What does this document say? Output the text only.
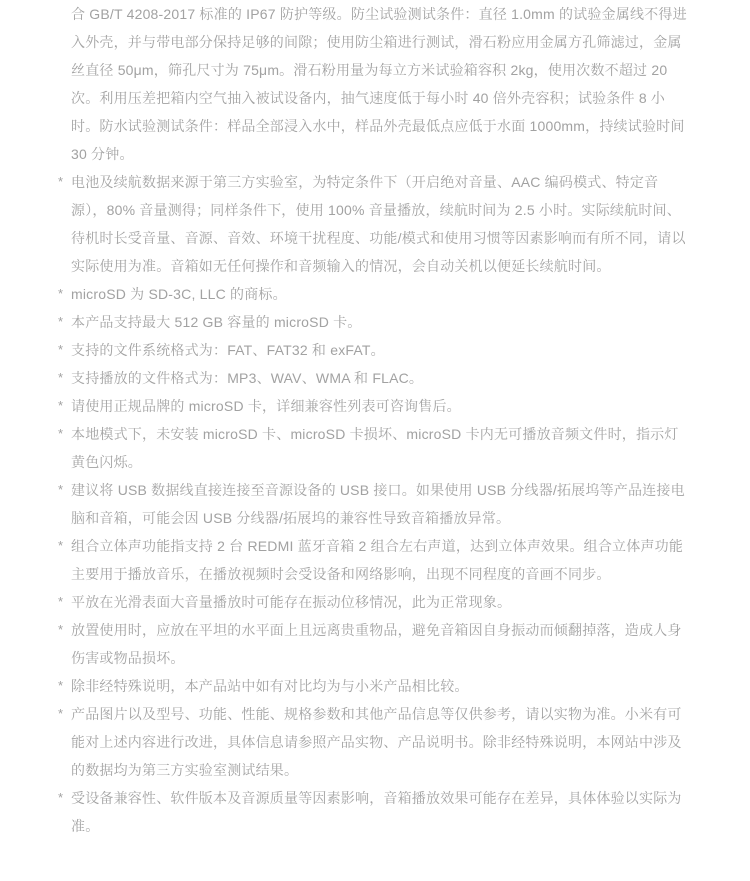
合 GB/T 4208-2017 标准的 IP67 防护等级。防尘试验测试条件：直径 1.0mm 的试验金属线不得进入外壳，并与带电部分保持足够的间隙；使用防尘箱进行测试，滑石粉应用金属方孔筛滤过，金属丝直径 50μm，筛孔尺寸为 75μm。滑石粉用量为每立方米试验箱容积 2kg，使用次数不超过 20 次。利用压差把箱内空气抽入被试设备内，抽气速度低于每小时 40 倍外壳容积；试验条件 8 小时。防水试验测试条件：样品全部浸入水中，样品外壳最低点应低于水面 1000mm，持续试验时间 30 分钟。
* 电池及续航数据来源于第三方实验室，为特定条件下（开启绝对音量、AAC 编码模式、特定音源），80% 音量测得；同样条件下，使用 100% 音量播放，续航时间为 2.5 小时。实际续航时间、待机时长受音量、音源、音效、环境干扰程度、功能/模式和使用习惯等因素影响而有所不同，请以实际使用为准。音箱如无任何操作和音频输入的情况，会自动关机以便延长续航时间。
* microSD 为 SD-3C, LLC 的商标。
* 本产品支持最大 512 GB 容量的 microSD 卡。
* 支持的文件系统格式为：FAT、FAT32 和 exFAT。
* 支持播放的文件格式为：MP3、WAV、WMA 和 FLAC。
* 请使用正规品牌的 microSD 卡，详细兼容性列表可咨询售后。
* 本地模式下，未安装 microSD 卡、microSD 卡损坏、microSD 卡内无可播放音频文件时，指示灯黄色闪烁。
* 建议将 USB 数据线直接连接至音源设备的 USB 接口。如果使用 USB 分线器/拓展坞等产品连接电脑和音箱，可能会因 USB 分线器/拓展坞的兼容性导致音箱播放异常。
* 组合立体声功能指支持 2 台 REDMI 蓝牙音箱 2 组合左右声道，达到立体声效果。组合立体声功能主要用于播放音乐，在播放视频时会受设备和网络影响，出现不同程度的音画不同步。
* 平放在光滑表面大音量播放时可能存在振动位移情况，此为正常现象。
* 放置使用时，应放在平坦的水平面上且远离贵重物品，避免音箱因自身振动而倾翻掉落，造成人身伤害或物品损坏。
* 除非经特殊说明，本产品站中如有对比均为与小米产品相比较。
* 产品图片以及型号、功能、性能、规格参数和其他产品信息等仅供参考，请以实物为准。小米有可能对上述内容进行改进，具体信息请参照产品实物、产品说明书。除非经特殊说明，本网站中涉及的数据均为第三方实验室测试结果。
* 受设备兼容性、软件版本及音源质量等因素影响，音箱播放效果可能存在差异，具体体验以实际为准。
